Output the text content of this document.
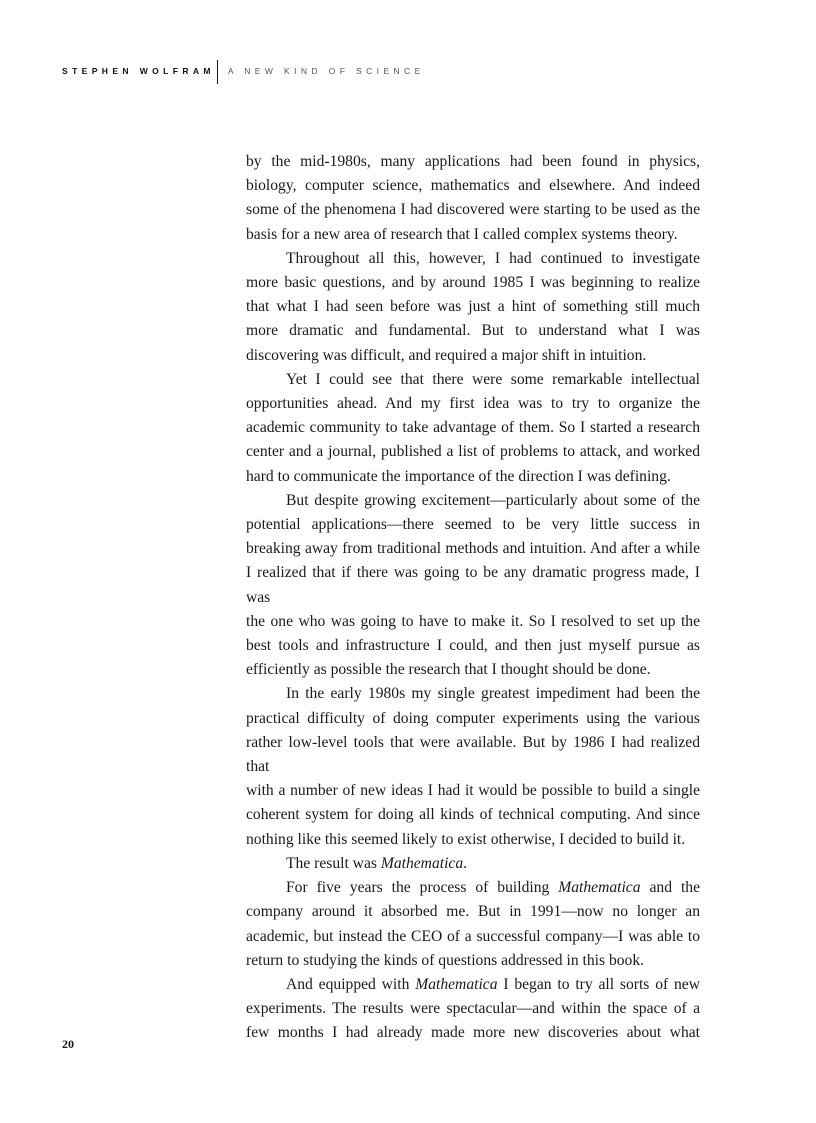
STEPHEN WOLFRAM A NEW KIND OF SCIENCE

by the mid-1980s, many applications had been found in physics,
biology, computer science, mathematics and elsewhere. And indeed
some of the phenomena I had discovered were starting to be used as the
basis for a new area of research that I called complex systems theory.

Throughout all this, however, I had continued to investigate
more basic questions, and by around 1985 I was beginning to realize
that what I had seen before was just a hint of something still much
more dramatic and fundamental. But to understand what I was
discovering was difficult, and required a major shift in intuition.

Yet I could see that there were some remarkable intellectual
opportunities ahead. And my first idea was to try to organize the
academic community to take advantage of them. So I started a research
center and a journal, published a list of problems to attack, and worked
hard to communicate the importance of the direction I was defining.

But despite growing excitement—particularly about some of the
potential applications—there seemed to be very little success in
breaking away from traditional methods and intuition. And after a while
I realized that if there was going to be any dramatic progress made, I was
the one who was going to have to make it. So I resolved to set up the
best tools and infrastructure I could, and then just myself pursue as
efficiently as possible the research that I thought should be done.

In the early 1980s my single greatest impediment had been the
practical difficulty of doing computer experiments using the various
rather low-level tools that were available. But by 1986 I had realized that
with a number of new ideas I had it would be possible to build a single
coherent system for doing all kinds of technical computing. And since
nothing like this seemed likely to exist otherwise, I decided to build it.

The result was Mathematica.

For five years the process of building Mathematica and the
company around it absorbed me. But in 1991—now no longer an
academic, but instead the CEO of a successful company—I was able to
return to studying the kinds of questions addressed in this book.

And equipped with Mathematica I began to try all sorts of new
experiments. The results were spectacular—and within the space of a
few months I had already made more new discoveries about what

20
